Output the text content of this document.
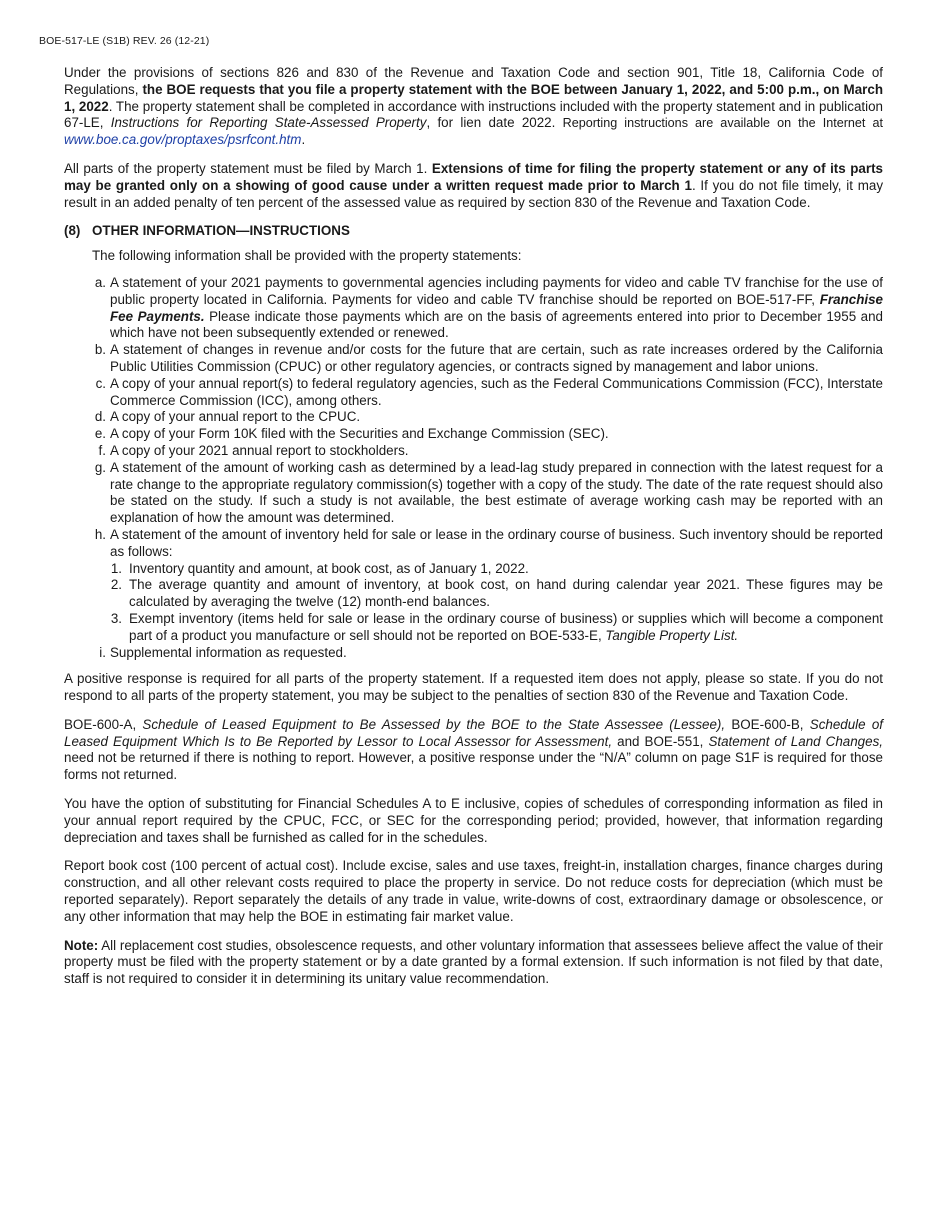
BOE-517-LE (S1B) REV. 26 (12-21)

Under the provisions of sections 826 and 830 of the Revenue and Taxation Code and section 901, Title 18, California Code of Regulations, the BOE requests that you file a property statement with the BOE between January 1, 2022, and 5:00 p.m., on March 1, 2022. The property statement shall be completed in accordance with instructions included with the property statement and in publication 67-LE, Instructions for Reporting State-Assessed Property, for lien date 2022. Reporting instructions are available on the Internet at www.boe.ca.gov/proptaxes/psrfcont.htm.

All parts of the property statement must be filed by March 1. Extensions of time for filing the property statement or any of its parts may be granted only on a showing of good cause under a written request made prior to March 1. If you do not file timely, it may result in an added penalty of ten percent of the assessed value as required by section 830 of the Revenue and Taxation Code.

(8) OTHER INFORMATION—INSTRUCTIONS
The following information shall be provided with the property statements:
a. A statement of your 2021 payments to governmental agencies including payments for video and cable TV franchise for the use of public property located in California. Payments for video and cable TV franchise should be reported on BOE-517-FF, Franchise Fee Payments. Please indicate those payments which are on the basis of agreements entered into prior to December 1955 and which have not been subsequently extended or renewed.
b. A statement of changes in revenue and/or costs for the future that are certain, such as rate increases ordered by the California Public Utilities Commission (CPUC) or other regulatory agencies, or contracts signed by management and labor unions.
c. A copy of your annual report(s) to federal regulatory agencies, such as the Federal Communications Commission (FCC), Interstate Commerce Commission (ICC), among others.
d. A copy of your annual report to the CPUC.
e. A copy of your Form 10K filed with the Securities and Exchange Commission (SEC).
f. A copy of your 2021 annual report to stockholders.
g. A statement of the amount of working cash as determined by a lead-lag study prepared in connection with the latest request for a rate change to the appropriate regulatory commission(s) together with a copy of the study. The date of the rate request should also be stated on the study. If such a study is not available, the best estimate of average working cash may be reported with an explanation of how the amount was determined.
h. A statement of the amount of inventory held for sale or lease in the ordinary course of business. Such inventory should be reported as follows:
1. Inventory quantity and amount, at book cost, as of January 1, 2022.
2. The average quantity and amount of inventory, at book cost, on hand during calendar year 2021. These figures may be calculated by averaging the twelve (12) month-end balances.
3. Exempt inventory (items held for sale or lease in the ordinary course of business) or supplies which will become a component part of a product you manufacture or sell should not be reported on BOE-533-E, Tangible Property List.
i. Supplemental information as requested.

A positive response is required for all parts of the property statement. If a requested item does not apply, please so state. If you do not respond to all parts of the property statement, you may be subject to the penalties of section 830 of the Revenue and Taxation Code.

BOE-600-A, Schedule of Leased Equipment to Be Assessed by the BOE to the State Assessee (Lessee), BOE-600-B, Schedule of Leased Equipment Which Is to Be Reported by Lessor to Local Assessor for Assessment, and BOE-551, Statement of Land Changes, need not be returned if there is nothing to report. However, a positive response under the “N/A” column on page S1F is required for those forms not returned.

You have the option of substituting for Financial Schedules A to E inclusive, copies of schedules of corresponding information as filed in your annual report required by the CPUC, FCC, or SEC for the corresponding period; provided, however, that information regarding depreciation and taxes shall be furnished as called for in the schedules.

Report book cost (100 percent of actual cost). Include excise, sales and use taxes, freight-in, installation charges, finance charges during construction, and all other relevant costs required to place the property in service. Do not reduce costs for depreciation (which must be reported separately). Report separately the details of any trade in value, write-downs of cost, extraordinary damage or obsolescence, or any other information that may help the BOE in estimating fair market value.

Note: All replacement cost studies, obsolescence requests, and other voluntary information that assessees believe affect the value of their property must be filed with the property statement or by a date granted by a formal extension. If such information is not filed by that date, staff is not required to consider it in determining its unitary value recommendation.
